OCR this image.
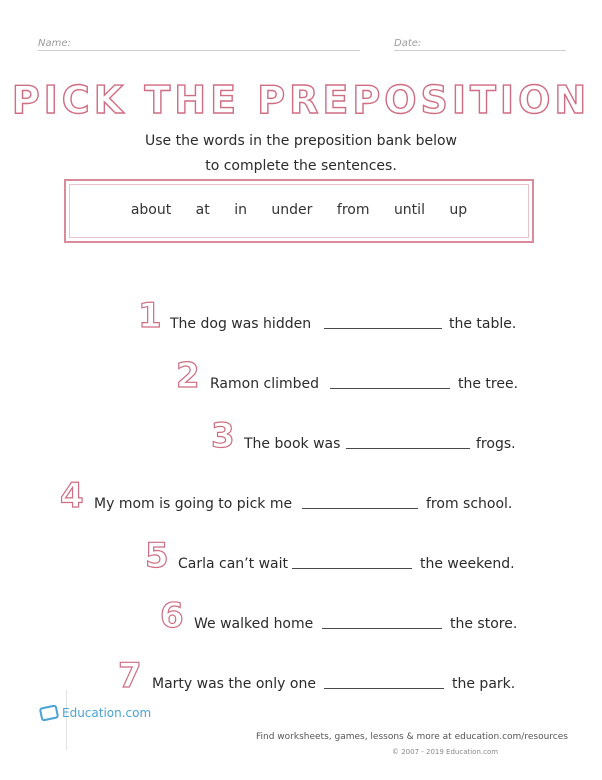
Name:	Date:
PICK THE PREPOSITION
Use the words in the preposition bank below
to complete the sentences.
about at in under from until up
1 The dog was hidden	the table.
2 Ramon climbed	the tree.
3 The book was	frogs.
4 My mom is going to pick me	from school.
5 Carla can’t wait	the weekend.
6 We walked home	the store.
7 Marty was the only one	the park.
Education.com
Find worksheets, games, lessons & more at education.com/resources
© 2007 - 2019 Education.com
